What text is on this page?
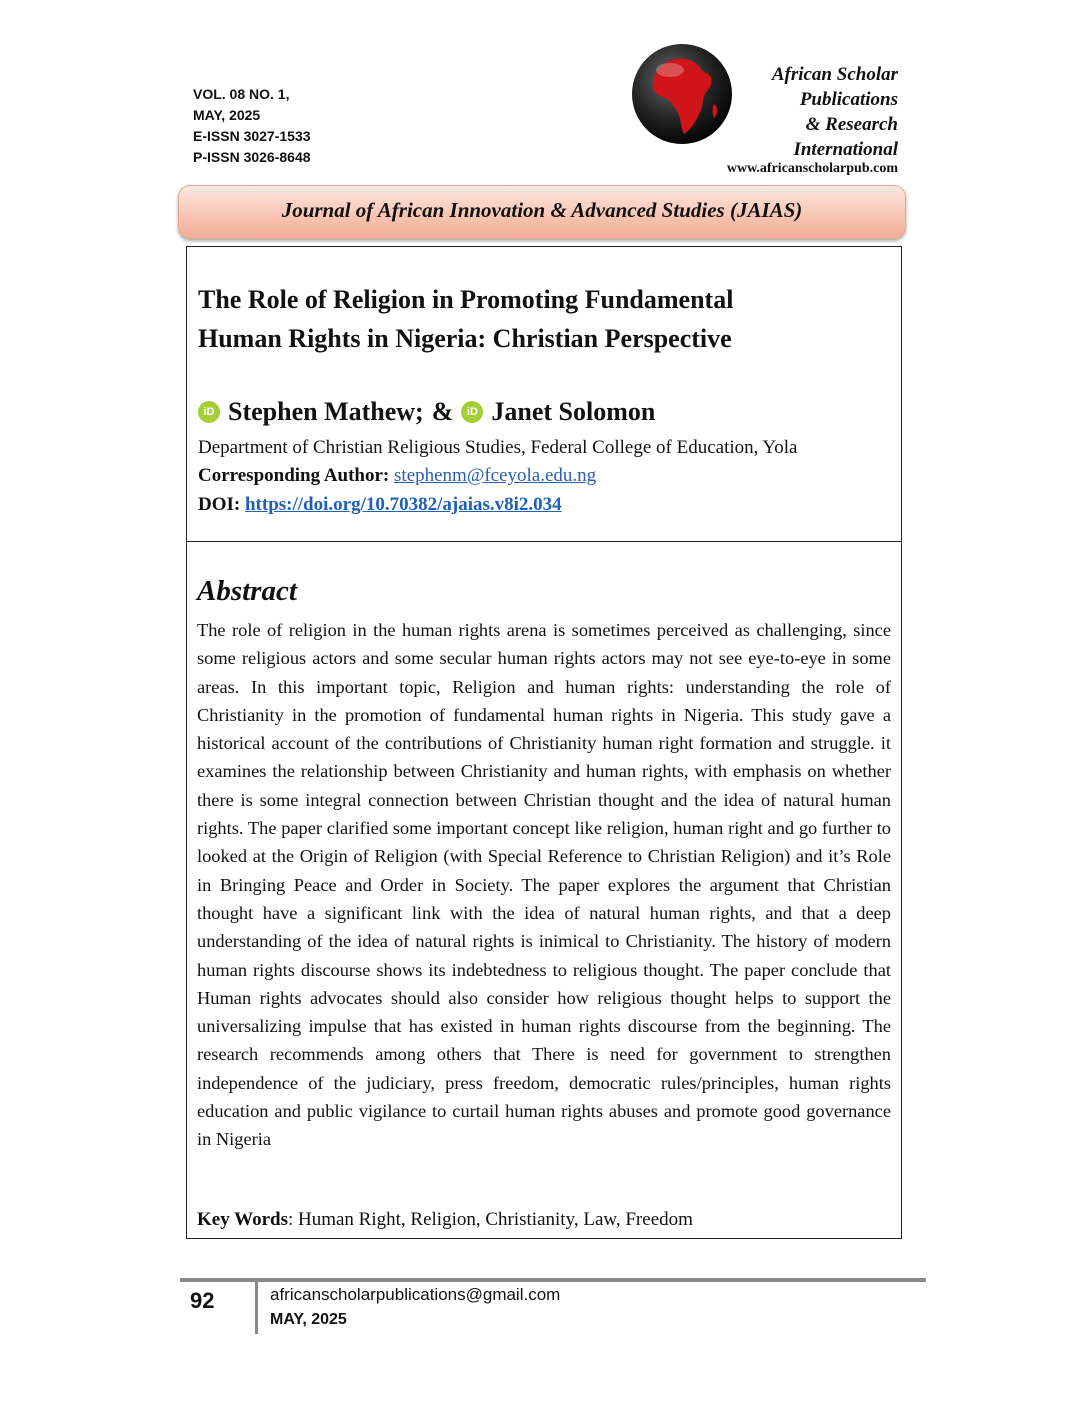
VOL. 08 NO. 1,
MAY, 2025
E-ISSN 3027-1533
P-ISSN 3026-8648
African Scholar
Publications
& Research
International
www.africanscholarpub.com
Journal of African Innovation & Advanced Studies (JAIAS)
The Role of Religion in Promoting Fundamental
Human Rights in Nigeria: Christian Perspective
iD Stephen Mathew; &	iD Janet Solomon
Department of Christian Religious Studies, Federal College of Education, Yola
Corresponding Author: stephenm@fceyola.edu.ng
DOI: https://doi.org/10.70382/ajaias.v8i2.034
Abstract

The role of religion in the human rights arena is sometimes perceived as challenging, since some religious actors and some secular human rights actors may not see eye-to-eye in some areas. In this important topic, Religion and human rights: understanding the role of Christianity in the promotion of fundamental human rights in Nigeria. This study gave a historical account of the contributions of Christianity human right formation and struggle. it examines the relationship between Christianity and human rights, with emphasis on whether there is some integral connection between Christian thought and the idea of natural human rights. The paper clarified some important concept like religion, human right and go further to looked at the Origin of Religion (with Special Reference to Christian Religion) and it’s Role in Bringing Peace and Order in Society. The paper explores the argument that Christian thought have a significant link with the idea of natural human rights, and that a deep understanding of the idea of natural rights is inimical to Christianity. The history of modern human rights discourse shows its indebtedness to religious thought. The paper conclude that Human rights advocates should also consider how religious thought helps to support the universalizing impulse that has existed in human rights discourse from the beginning. The research recommends among others that There is need for government to strengthen independence of the judiciary, press freedom, democratic rules/principles, human rights education and public vigilance to curtail human rights abuses and promote good governance in Nigeria

Key Words: Human Right, Religion, Christianity, Law, Freedom
92	africanscholarpublications@gmail.com
MAY, 2025
